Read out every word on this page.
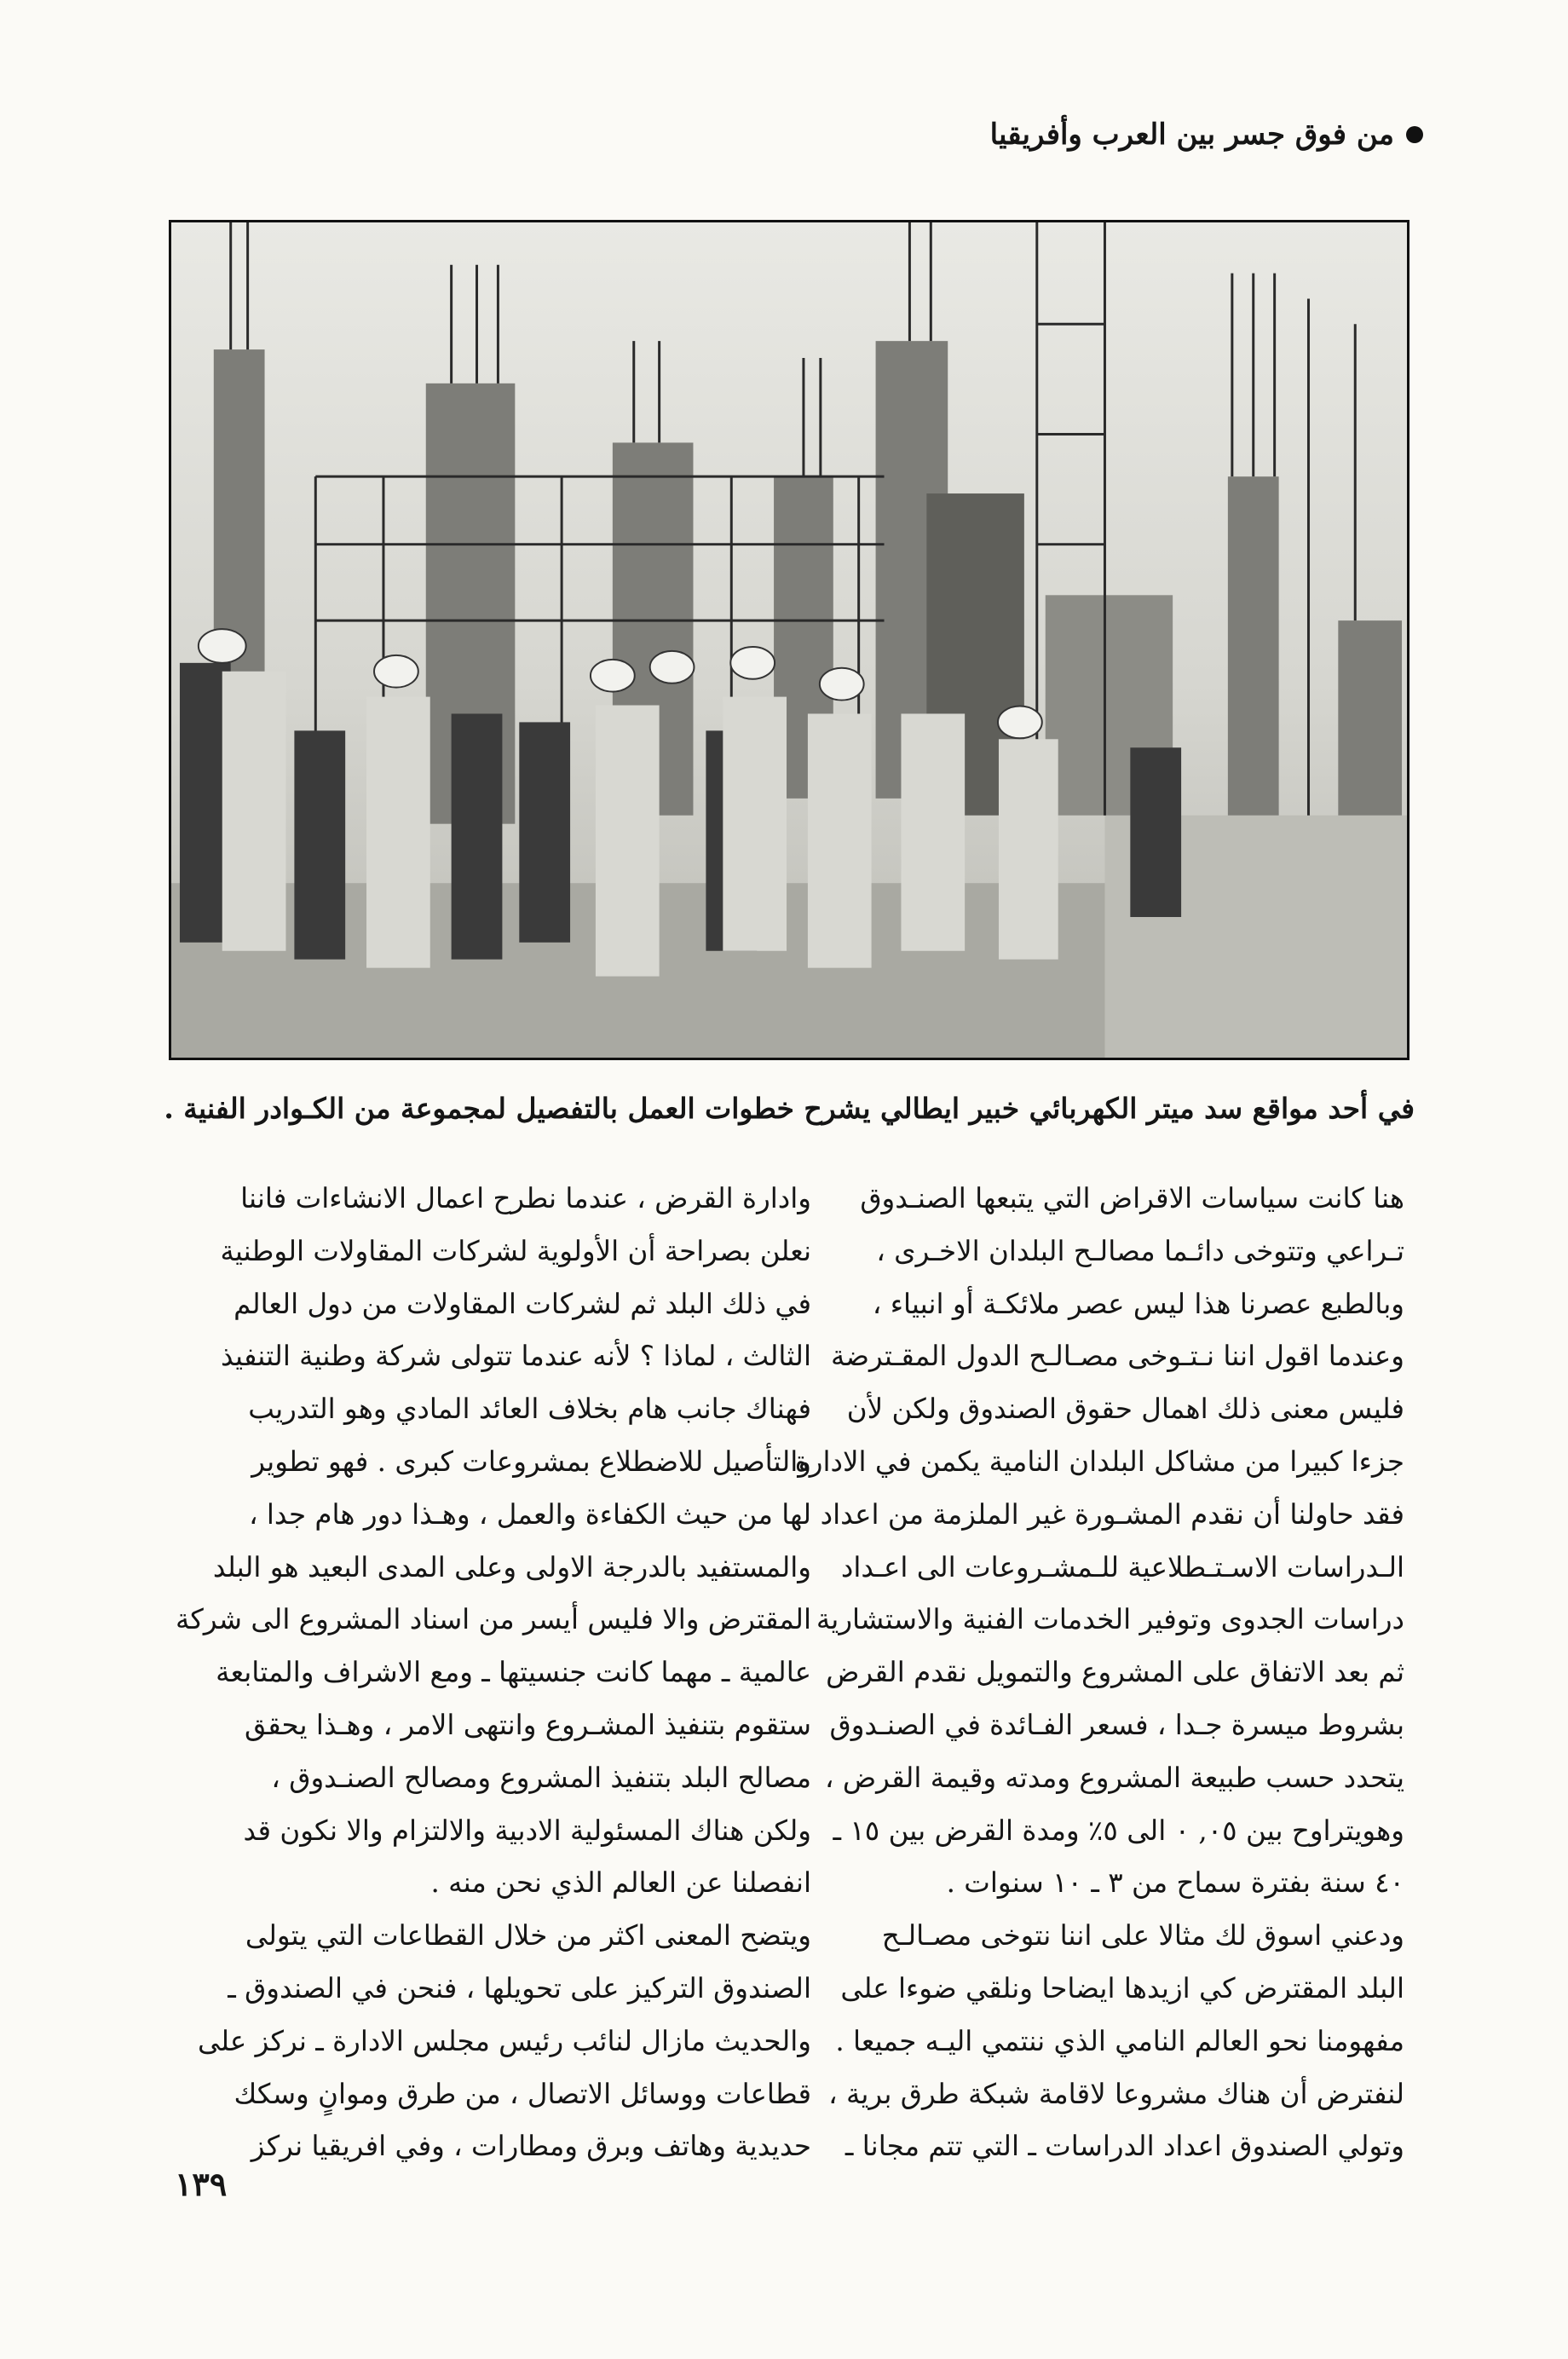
من فوق جسر بين العرب وأفريقيا
في أحد مواقع سد ميتر الكهربائي خبير ايطالي يشرح خطوات العمل بالتفصيل لمجموعة من الكـوادر الفنية .

هنا كانت سياسات الاقراض التي يتبعها الصنـدوق
تـراعي وتتوخى دائـما مصالـح البلدان الاخـرى ،
وبالطبع عصرنا هذا ليس عصر ملائكـة أو انبياء ،
وعندما اقول اننا نـتـوخى مصـالـح الدول المقـترضة
فليس معنى ذلك اهمال حقوق الصندوق ولكن لأن
جزءا كبيرا من مشاكل البلدان النامية يكمن في الادارة
فقد حاولنا أن نقدم المشـورة غير الملزمة من اعداد
الـدراسات الاسـتـطلاعية للـمشـروعات الى اعـداد
دراسات الجدوى وتوفير الخدمات الفنية والاستشارية
ثم بعد الاتفاق على المشروع والتمويل نقدم القرض
بشروط ميسرة جـدا ، فسعر الفـائدة في الصنـدوق
يتحدد حسب طبيعة المشروع ومدته وقيمة القرض ،
وهويتراوح بين ٠٥, ٠ الى ٥٪ ومدة القرض بين ١٥ ـ
٤٠ سنة بفترة سماح من ٣ ـ ١٠ سنوات .

ودعني اسوق لك مثالا على اننا نتوخى مصـالـح
البلد المقترض كي ازيدها ايضاحا ونلقي ضوءا على
مفهومنا نحو العالم النامي الذي ننتمي اليـه جميعا .
لنفترض أن هناك مشروعا لاقامة شبكة طرق برية ،
وتولي الصندوق اعداد الدراسات ـ التي تتم مجانا ـ

وادارة القرض ، عندما نطرح اعمال الانشاءات فاننا
نعلن بصراحة أن الأولوية لشركات المقاولات الوطنية
في ذلك البلد ثم لشركات المقاولات من دول العالم
الثالث ، لماذا ؟ لأنه عندما تتولى شركة وطنية التنفيذ
فهناك جانب هام بخلاف العائد المادي وهو التدريب
والتأصيل للاضطلاع بمشروعات كبرى . فهو تطوير
لها من حيث الكفاءة والعمل ، وهـذا دور هام جدا ،
والمستفيد بالدرجة الاولى وعلى المدى البعيد هو البلد
المقترض والا فليس أيسر من اسناد المشروع الى شركة
عالمية ـ مهما كانت جنسيتها ـ ومع الاشراف والمتابعة
ستقوم بتنفيذ المشـروع وانتهى الامر ، وهـذا يحقق
مصالح البلد بتنفيذ المشروع ومصالح الصنـدوق ،
ولكن هناك المسئولية الادبية والالتزام والا نكون قد
انفصلنا عن العالم الذي نحن منه .

ويتضح المعنى اكثر من خلال القطاعات التي يتولى
الصندوق التركيز على تحويلها ، فنحن في الصندوق ـ
والحديث مازال لنائب رئيس مجلس الادارة ـ نركز على
قطاعات ووسائل الاتصال ، من طرق وموانٍ وسكك
حديدية وهاتف وبرق ومطارات ، وفي افريقيا نركز

١٣٩
